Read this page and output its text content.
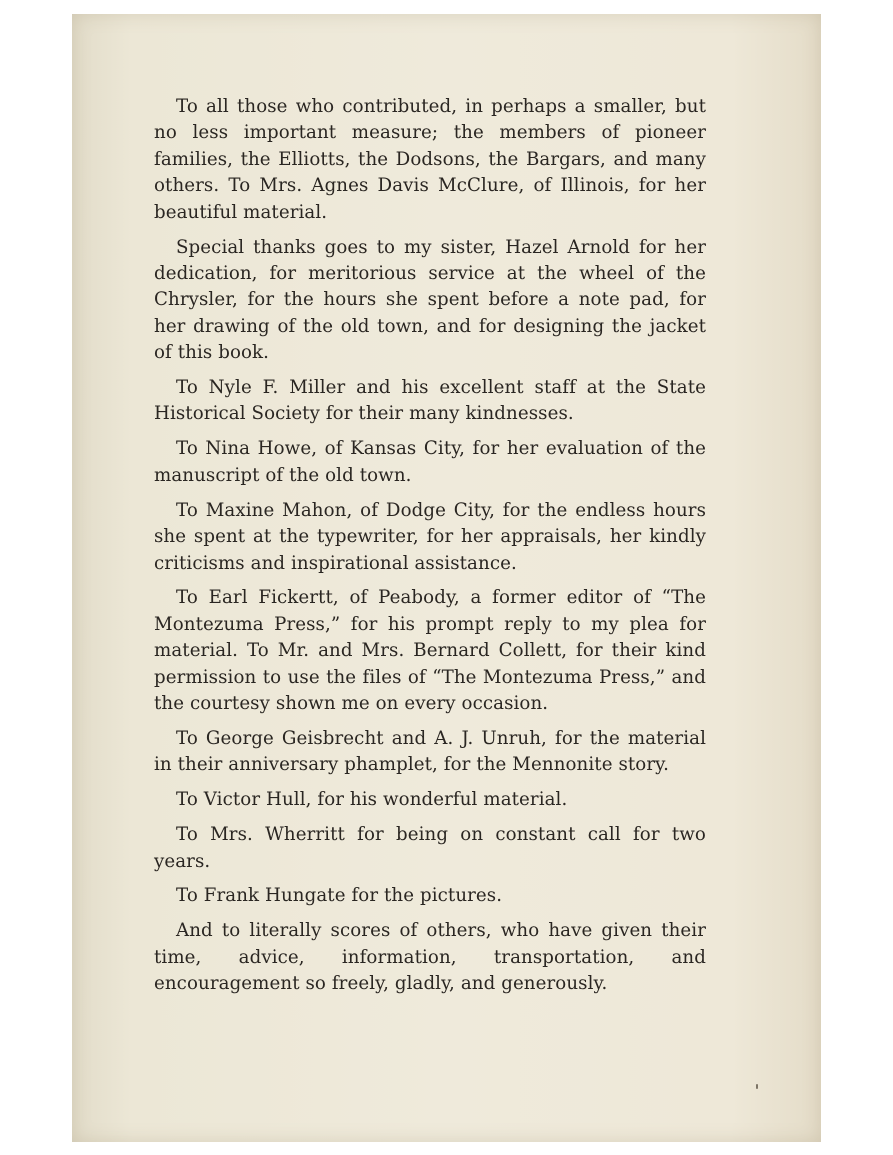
To all those who contributed, in perhaps a smaller, but no less important measure; the members of pioneer families, the Elliotts, the Dodsons, the Bargars, and many others. To Mrs. Agnes Davis McClure, of Illinois, for her beautiful material.

Special thanks goes to my sister, Hazel Arnold for her dedication, for meritorious service at the wheel of the Chrysler, for the hours she spent before a note pad, for her drawing of the old town, and for designing the jacket of this book.

To Nyle F. Miller and his excellent staff at the State Historical Society for their many kindnesses.

To Nina Howe, of Kansas City, for her evaluation of the manuscript of the old town.

To Maxine Mahon, of Dodge City, for the endless hours she spent at the typewriter, for her appraisals, her kindly criticisms and inspirational assistance.

To Earl Fickertt, of Peabody, a former editor of “The Montezuma Press,” for his prompt reply to my plea for material. To Mr. and Mrs. Bernard Collett, for their kind permission to use the files of “The Montezuma Press,” and the courtesy shown me on every occasion.

To George Geisbrecht and A. J. Unruh, for the material in their anniversary phamplet, for the Mennonite story.

To Victor Hull, for his wonderful material.

To Mrs. Wherritt for being on constant call for two years.

To Frank Hungate for the pictures.

And to literally scores of others, who have given their time, advice, information, transportation, and encouragement so freely, gladly, and generously.
